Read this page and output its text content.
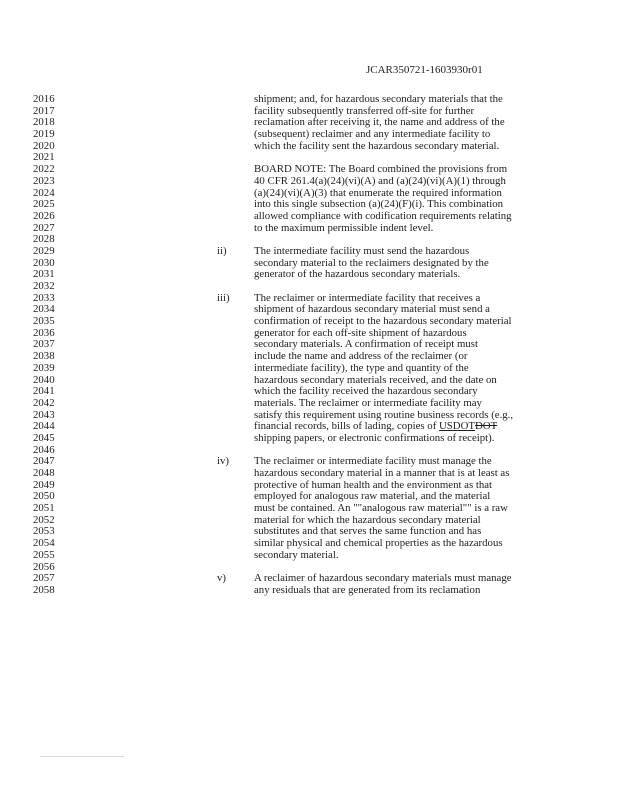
JCAR350721-1603930r01
2016	shipment; and, for hazardous secondary materials that the
2017	facility subsequently transferred off-site for further
2018	reclamation after receiving it, the name and address of the
2019	(subsequent) reclaimer and any intermediate facility to
2020	which the facility sent the hazardous secondary material.
2021
2022	BOARD NOTE: The Board combined the provisions from
2023	40 CFR 261.4(a)(24)(vi)(A) and (a)(24)(vi)(A)(1) through
2024	(a)(24)(vi)(A)(3) that enumerate the required information
2025	into this single subsection (a)(24)(F)(i). This combination
2026	allowed compliance with codification requirements relating
2027	to the maximum permissible indent level.
2028
2029	ii)	The intermediate facility must send the hazardous
2030	secondary material to the reclaimers designated by the
2031	generator of the hazardous secondary materials.
2032
2033	iii) The reclaimer or intermediate facility that receives a
2034	shipment of hazardous secondary material must send a
2035	confirmation of receipt to the hazardous secondary material
2036	generator for each off-site shipment of hazardous
2037	secondary materials. A confirmation of receipt must
2038	include the name and address of the reclaimer (or
2039	intermediate facility), the type and quantity of the
2040	hazardous secondary materials received, and the date on
2041	which the facility received the hazardous secondary
2042	materials. The reclaimer or intermediate facility may
2043	satisfy this requirement using routine business records (e.g.,
2044	financial records, bills of lading, copies of USDOTDOT
2045	shipping papers, or electronic confirmations of receipt).
2046
2047	iv) The reclaimer or intermediate facility must manage the
2048	hazardous secondary material in a manner that is at least as
2049	protective of human health and the environment as that
2050	employed for analogous raw material, and the material
2051	must be contained. An ""analogous raw material"" is a raw
2052	material for which the hazardous secondary material
2053	substitutes and that serves the same function and has
2054	similar physical and chemical properties as the hazardous
2055	secondary material.
2056
2057	v)	A reclaimer of hazardous secondary materials must manage
2058	any residuals that are generated from its reclamation
